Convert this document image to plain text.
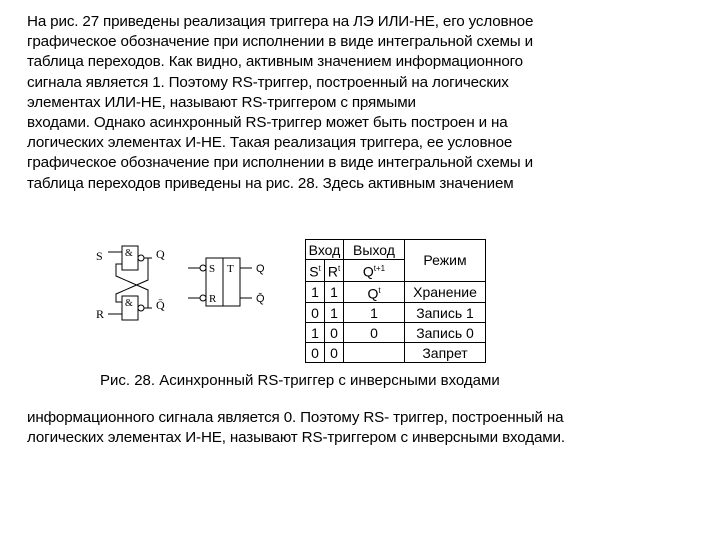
На рис. 27 приведены реализация триггера на ЛЭ ИЛИ-НЕ, его условное
графическое обозначение при исполнении в виде интегральной схемы и
таблица переходов. Как видно, активным значением информационного
сигнала является 1. Поэтому RS-триггер, построенный на логических
элементах ИЛИ-НЕ, называют RS-триггером с прямыми
входами. Однако асинхронный RS-триггер может быть построен и на
логических элементах И-НЕ. Такая реализация триггера, ее условное
графическое обозначение при исполнении в виде интегральной схемы и
таблица переходов приведены на рис. 28. Здесь активным значением
&
&
S
R
Q
Q̄
S T
R
Q
Q̄
Вход		Выход	Режим
$S^t$	$R^t$	$Q^{t+1}$
1	1	$Q^t$	Хранение
0	1	1	Запись 1
1	0	0	Запись 0
0	0		Запрет
Рис. 28. Асинхронный RS-триггер с инверсными входами
информационного сигнала является 0. Поэтому RS- триггер, построенный на
логических элементах И-НЕ, называют RS-триггером с инверсными входами.
